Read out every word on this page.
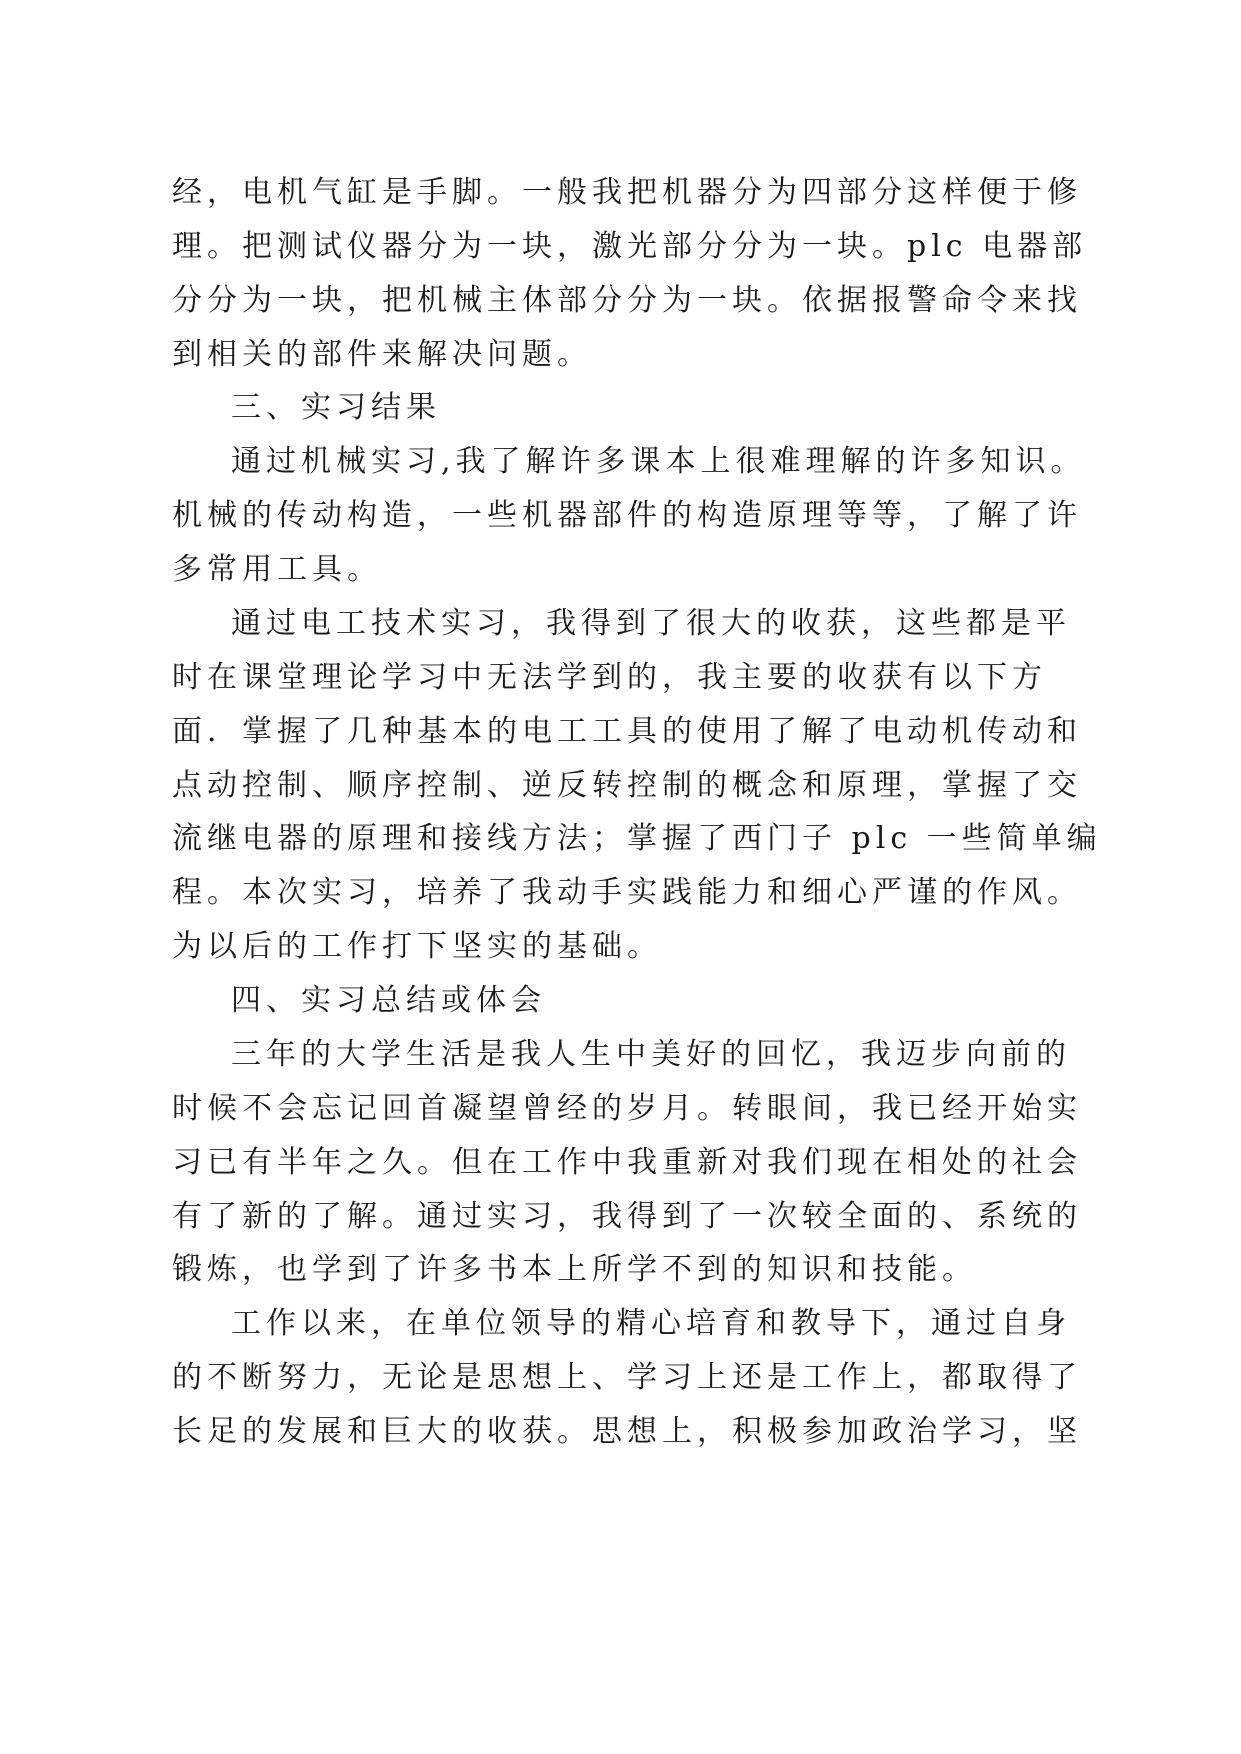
经，电机气缸是手脚。一般我把机器分为四部分这样便于修
理。把测试仪器分为一块，激光部分分为一块。plc 电器部
分分为一块，把机械主体部分分为一块。依据报警命令来找
到相关的部件来解决问题。
三、实习结果
通过机械实习,我了解许多课本上很难理解的许多知识。
机械的传动构造，一些机器部件的构造原理等等，了解了许
多常用工具。
通过电工技术实习，我得到了很大的收获，这些都是平
时在课堂理论学习中无法学到的，我主要的收获有以下方
面．掌握了几种基本的电工工具的使用了解了电动机传动和
点动控制、顺序控制、逆反转控制的概念和原理，掌握了交
流继电器的原理和接线方法；掌握了西门子 plc 一些简单编
程。本次实习，培养了我动手实践能力和细心严谨的作风。
为以后的工作打下坚实的基础。
四、实习总结或体会
三年的大学生活是我人生中美好的回忆，我迈步向前的
时候不会忘记回首凝望曾经的岁月。转眼间，我已经开始实
习已有半年之久。但在工作中我重新对我们现在相处的社会
有了新的了解。通过实习，我得到了一次较全面的、系统的
锻炼，也学到了许多书本上所学不到的知识和技能。
工作以来，在单位领导的精心培育和教导下，通过自身
的不断努力，无论是思想上、学习上还是工作上，都取得了
长足的发展和巨大的收获。思想上，积极参加政治学习，坚
